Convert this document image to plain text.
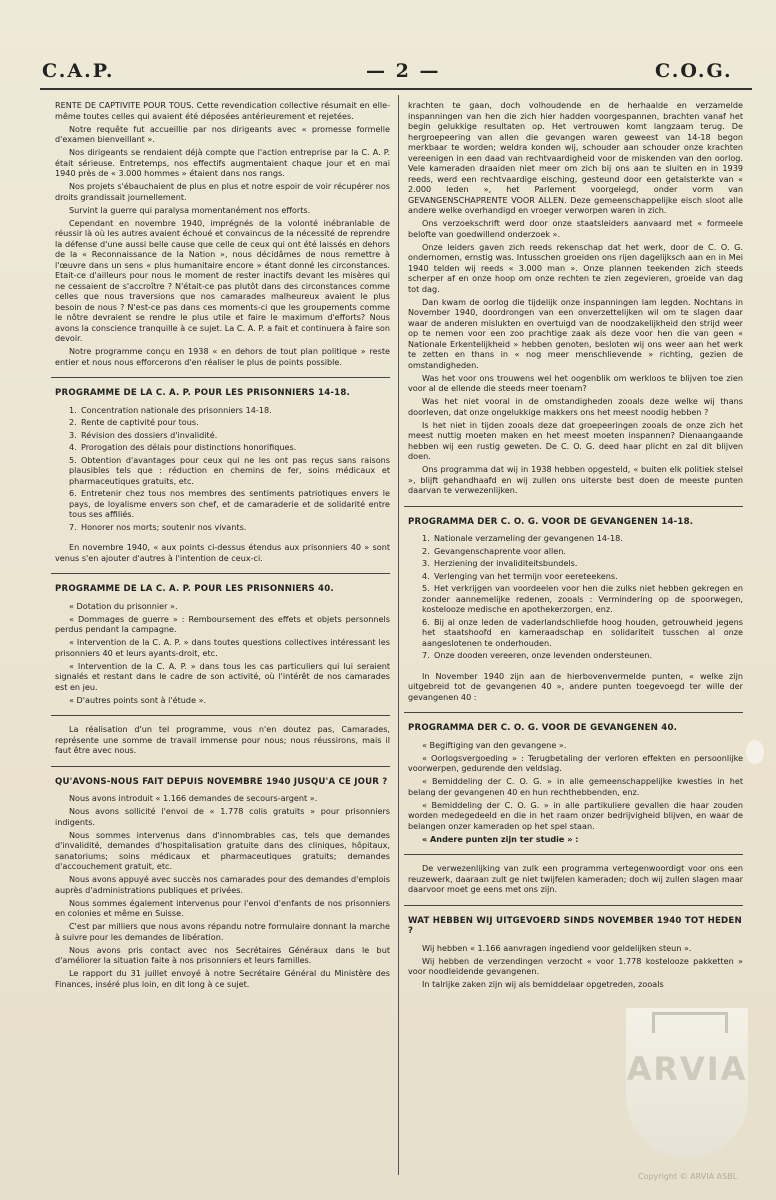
C.A.P.	— 2 —	C.O.G.

RENTE DE CAPTIVITE POUR TOUS. Cette revendication collective résumait en elle-même toutes celles qui avaient été déposées antérieurement et rejetées.

Notre requête fut accueillie par nos dirigeants avec « promesse formelle d'examen bienveillant ».

Nos dirigeants se rendaient déjà compte que l'action entreprise par la C. A. P. était sérieuse. Entretemps, nos effectifs augmentaient chaque jour et en mai 1940 près de « 3.000 hommes » étaient dans nos rangs.

Nos projets s'ébauchaient de plus en plus et notre espoir de voir récupérer nos droits grandissait journellement.

Survint la guerre qui paralysa momentanément nos efforts.

Cependant en novembre 1940, imprégnés de la volonté inébranlable de réussir là où les autres avaient échoué et convaincus de la nécessité de reprendre la défense d'une aussi belle cause que celle de ceux qui ont été laissés en dehors de la « Reconnaissance de la Nation », nous décidâmes de nous remettre à l'œuvre dans un sens « plus humanitaire encore » étant donné les circonstances. Etait-ce d'ailleurs pour nous le moment de rester inactifs devant les misères qui ne cessaient de s'accroître ? N'était-ce pas plutôt dans des circonstances comme celles que nous traversions que nos camarades malheureux avaient le plus besoin de nous ? N'est-ce pas dans ces moments-ci que les groupements comme le nôtre devraient se rendre le plus utile et faire le maximum d'efforts? Nous avons la conscience tranquille à ce sujet. La C. A. P. a fait et continuera à faire son devoir.

Notre programme conçu en 1938 « en dehors de tout plan politique » reste entier et nous nous efforcerons d'en réaliser le plus de points possible.

PROGRAMME DE LA C. A. P. POUR LES PRISONNIERS 14-18.
1. Concentration nationale des prisonniers 14-18.
2. Rente de captivité pour tous.
3. Révision des dossiers d'invalidité.
4. Prorogation des délais pour distinctions honorifiques.
5. Obtention d'avantages pour ceux qui ne les ont pas reçus sans raisons plausibles tels que : réduction en chemins de fer, soins médicaux et pharmaceutiques gratuits, etc.
6. Entretenir chez tous nos membres des sentiments patriotiques envers le pays, de loyalisme envers son chef, et de camaraderie et de solidarité entre tous ses affiliés.
7. Honorer nos morts; soutenir nos vivants.

En novembre 1940, « aux points ci-dessus étendus aux prisonniers 40 » sont venus s'en ajouter d'autres à l'intention de ceux-ci.

PROGRAMME DE LA C. A. P. POUR LES PRISONNIERS 40.

« Dotation du prisonnier ».

« Dommages de guerre » : Remboursement des effets et objets personnels perdus pendant la campagne.

« Intervention de la C. A. P. » dans toutes questions collectives intéressant les prisonniers 40 et leurs ayants-droit, etc.

« Intervention de la C. A. P. » dans tous les cas particuliers qui lui seraient signalés et restant dans le cadre de son activité, où l'intérêt de nos camarades est en jeu.

« D'autres points sont à l'étude ».

La réalisation d'un tel programme, vous n'en doutez pas, Camarades, représente une somme de travail immense pour nous; nous réussirons, mais il faut être avec nous.

QU'AVONS-NOUS FAIT DEPUIS NOVEMBRE 1940 JUSQU'A CE JOUR ?

Nous avons introduit « 1.166 demandes de secours-argent ».

Nous avons sollicité l'envoi de « 1.778 colis gratuits » pour prisonniers indigents.

Nous sommes intervenus dans d'innombrables cas, tels que demandes d'invalidité, demandes d'hospitalisation gratuite dans des cliniques, hôpitaux, sanatoriums; soins médicaux et pharmaceutiques gratuits; demandes d'accouchement gratuit, etc.

Nous avons appuyé avec succès nos camarades pour des demandes d'emplois auprès d'administrations publiques et privées.

Nous sommes également intervenus pour l'envoi d'enfants de nos prisonniers en colonies et même en Suisse.

C'est par milliers que nous avons répandu notre formulaire donnant la marche à suivre pour les demandes de libération.

Nous avons pris contact avec nos Secrétaires Généraux dans le but d'améliorer la situation faite à nos prisonniers et leurs familles.

Le rapport du 31 juillet envoyé à notre Secrétaire Général du Ministère des Finances, inséré plus loin, en dit long à ce sujet.

krachten te gaan, doch volhoudende en de herhaalde en verzamelde inspanningen van hen die zich hier hadden voorgespannen, brachten vanaf het begin gelukkige resultaten op. Het vertrouwen komt langzaam terug. De hergroepeering van allen die gevangen waren geweest van 14-18 begon merkbaar te worden; weldra konden wij, schouder aan schouder onze krachten vereenigen in een daad van rechtvaardigheid voor de miskenden van den oorlog. Vele kameraden draaiden niet meer om zich bij ons aan te sluiten en in 1939 reeds, werd een rechtvaardige eisching, gesteund door een getalsterkte van « 2.000 leden », het Parlement voorgelegd, onder vorm van GEVANGENSCHAPRENTE VOOR ALLEN. Deze gemeenschappelijke eisch sloot alle andere welke overhandigd en vroeger verworpen waren in zich.

Ons verzoekschrift werd door onze staatsleiders aanvaard met « formeele belofte van goedwillend onderzoek ».

Onze leiders gaven zich reeds rekenschap dat het werk, door de C. O. G. ondernomen, ernstig was. Intusschen groeiden ons rijen dagelijksch aan en in Mei 1940 telden wij reeds « 3.000 man ». Onze plannen teekenden zich steeds scherper af en onze hoop om onze rechten te zien zegevieren, groeide van dag tot dag.

Dan kwam de oorlog die tijdelijk onze inspanningen lam legden. Nochtans in November 1940, doordrongen van een onverzettelijken wil om te slagen daar waar de anderen mislukten en overtuigd van de noodzakelijkheid den strijd weer op te nemen voor een zoo prachtige zaak als deze voor hen die van geen « Nationale Erkentelijkheid » hebben genoten, besloten wij ons weer aan het werk te zetten en thans in « nog meer menschlievende » richting, gezien de omstandigheden.

Was het voor ons trouwens wel het oogenblik om werkloos te blijven toe zien voor al de ellende die steeds meer toenam?

Was het niet vooral in de omstandigheden zooals deze welke wij thans doorleven, dat onze ongelukkige makkers ons het meest noodig hebben ?

Is het niet in tijden zooals deze dat groepeeringen zooals de onze zich het meest nuttig moeten maken en het meest moeten inspannen? Dienaangaande hebben wij een rustig geweten. De C. O. G. deed haar plicht en zal dit blijven doen.

Ons programma dat wij in 1938 hebben opgesteld, « buiten elk politiek stelsel », blijft gehandhaafd en wij zullen ons uiterste best doen de meeste punten daarvan te verwezenlijken.

PROGRAMMA DER C. O. G. VOOR DE GEVANGENEN 14-18.
1. Nationale verzameling der gevangenen 14-18.
2. Gevangenschaprente voor allen.
3. Herziening der invaliditeitsbundels.
4. Verlenging van het termijn voor eereteekens.
5. Het verkrijgen van voordeelen voor hen die zulks niet hebben gekregen en zonder aannemelijke redenen, zooals : Vermindering op de spoorwegen, kostelooze medische en apothekerzorgen, enz.
6. Bij al onze leden de vaderlandschliefde hoog houden, getrouwheid jegens het staatshoofd en kameraadschap en solidariteit tusschen al onze aangeslotenen te onderhouden.
7. Onze dooden vereeren, onze levenden ondersteunen.

In November 1940 zijn aan de hierbovenvermelde punten, « welke zijn uitgebreid tot de gevangenen 40 », andere punten toegevoegd ter wille der gevangenen 40 :

PROGRAMMA DER C. O. G. VOOR DE GEVANGENEN 40.

« Begiftiging van den gevangene ».

« Oorlogsvergoeding » : Terugbetaling der verloren effekten en persoonlijke voorwerpen, gedurende den veldslag.

« Bemiddeling der C. O. G. » in alle gemeenschappelijke kwesties in het belang der gevangenen 40 en hun rechthebbenden, enz.

« Bemiddeling der C. O. G. » in alle partikuliere gevallen die haar zouden worden medegedeeld en die in het raam onzer bedrijvigheid blijven, en waar de belangen onzer kameraden op het spel staan.

« Andere punten zijn ter studie » :

De verwezenlijking van zulk een programma vertegenwoordigt voor ons een reuzewerk, daaraan zult ge niet twijfelen kameraden; doch wij zullen slagen maar daarvoor moet ge eens met ons zijn.

WAT HEBBEN WIJ UITGEVOERD SINDS NOVEMBER 1940 TOT HEDEN ?

Wij hebben « 1.166 aanvragen ingediend voor geldelijken steun ».

Wij hebben de verzendingen verzocht « voor 1.778 kostelooze pakketten » voor noodleidende gevangenen.

In talrijke zaken zijn wij als bemiddelaar opgetreden, zooals

ARVIA
Copyright © ARVIA ASBL
